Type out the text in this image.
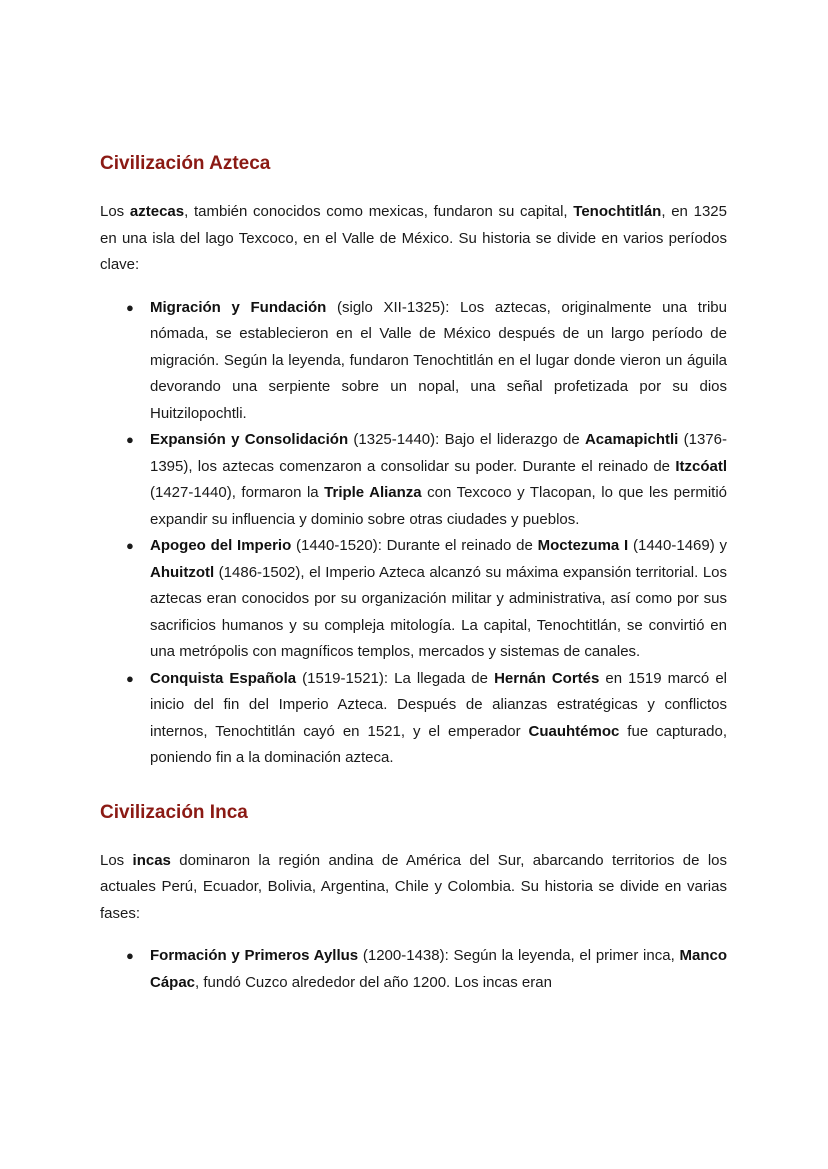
Civilización Azteca

Los aztecas, también conocidos como mexicas, fundaron su capital, Tenochtitlán, en 1325 en una isla del lago Texcoco, en el Valle de México. Su historia se divide en varios períodos clave:

● Migración y Fundación (siglo XII-1325): Los aztecas, originalmente una tribu nómada, se establecieron en el Valle de México después de un largo período de migración. Según la leyenda, fundaron Tenochtitlán en el lugar donde vieron un águila devorando una serpiente sobre un nopal, una señal profetizada por su dios Huitzilopochtli.
● Expansión y Consolidación (1325-1440): Bajo el liderazgo de Acamapichtli (1376-1395), los aztecas comenzaron a consolidar su poder. Durante el reinado de Itzcóatl (1427-1440), formaron la Triple Alianza con Texcoco y Tlacopan, lo que les permitió expandir su influencia y dominio sobre otras ciudades y pueblos.
● Apogeo del Imperio (1440-1520): Durante el reinado de Moctezuma I (1440-1469) y Ahuitzotl (1486-1502), el Imperio Azteca alcanzó su máxima expansión territorial. Los aztecas eran conocidos por su organización militar y administrativa, así como por sus sacrificios humanos y su compleja mitología. La capital, Tenochtitlán, se convirtió en una metrópolis con magníficos templos, mercados y sistemas de canales.
● Conquista Española (1519-1521): La llegada de Hernán Cortés en 1519 marcó el inicio del fin del Imperio Azteca. Después de alianzas estratégicas y conflictos internos, Tenochtitlán cayó en 1521, y el emperador Cuauhtémoc fue capturado, poniendo fin a la dominación azteca.
Civilización Inca

Los incas dominaron la región andina de América del Sur, abarcando territorios de los actuales Perú, Ecuador, Bolivia, Argentina, Chile y Colombia. Su historia se divide en varias fases:

● Formación y Primeros Ayllus (1200-1438): Según la leyenda, el primer inca, Manco Cápac, fundó Cuzco alrededor del año 1200. Los incas eran
